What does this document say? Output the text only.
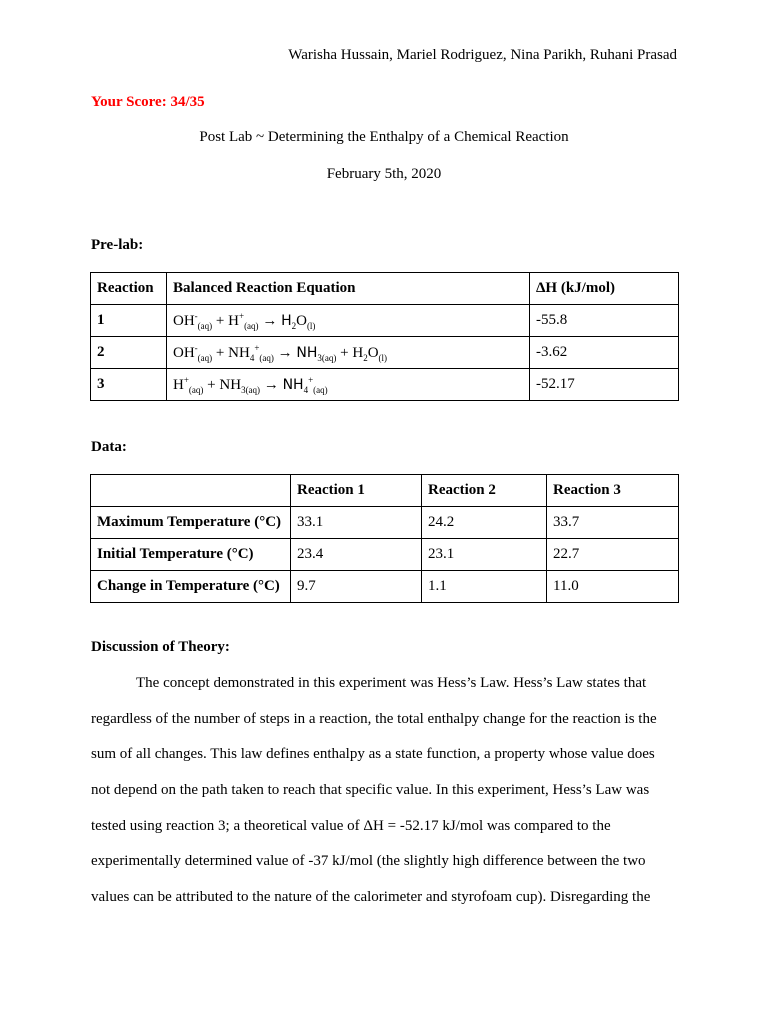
Warisha Hussain, Mariel Rodriguez, Nina Parikh, Ruhani Prasad
Your Score: 34/35
Post Lab ~ Determining the Enthalpy of a Chemical Reaction
February 5th, 2020
Pre-lab:
Reaction	Balanced Reaction Equation	ΔH (kJ/mol)
1	$OH^-_{(aq)} + H^+_{(aq)} \to H_2O_{(l)}$	-55.8
2	$OH^-_{(aq)} + NH_4^+_{(aq)} \to NH_{3(aq)} + H_2O_{(l)}$	-3.62
3	$H^+_{(aq)} + NH_{3(aq)} \to NH_4^+_{(aq)}$	-52.17
Data:
	Reaction 1	Reaction 2	Reaction 3
Maximum Temperature (°C)	33.1	24.2	33.7
Initial Temperature (°C)	23.4	23.1	22.7
Change in Temperature (°C)	9.7	1.1	11.0
Discussion of Theory:
The concept demonstrated in this experiment was Hess’s Law. Hess’s Law states that
regardless of the number of steps in a reaction, the total enthalpy change for the reaction is the
sum of all changes. This law defines enthalpy as a state function, a property whose value does
not depend on the path taken to reach that specific value. In this experiment, Hess’s Law was
tested using reaction 3; a theoretical value of ΔH = -52.17 kJ/mol was compared to the
experimentally determined value of -37 kJ/mol (the slightly high difference between the two
values can be attributed to the nature of the calorimeter and styrofoam cup). Disregarding the
